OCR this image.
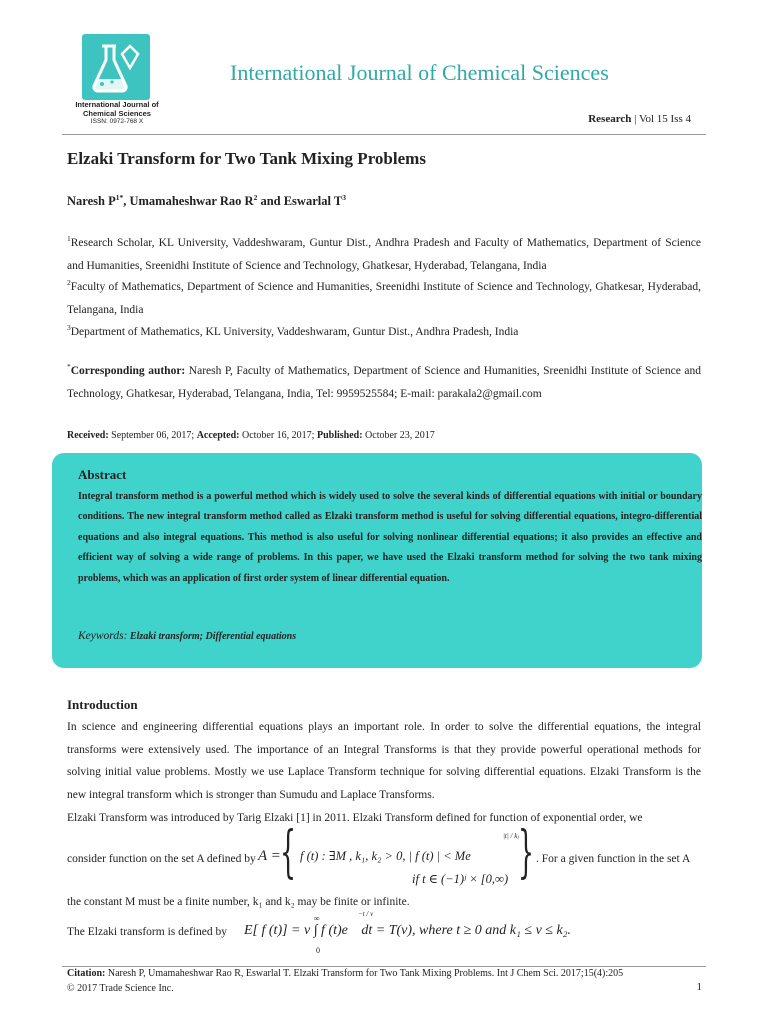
International Journal of
Chemical Sciences
ISSN: 0972-768 X
International Journal of Chemical Sciences
Research | Vol 15 Iss 4
Elzaki Transform for Two Tank Mixing Problems
Naresh $P^{1*}$, Umamaheshwar Rao $R^2$ and Eswarlal $T^3$
$^1$Research Scholar, KL University, Vaddeshwaram, Guntur Dist., Andhra Pradesh and Faculty of Mathematics, Department of Science and Humanities, Sreenidhi Institute of Science and Technology, Ghatkesar, Hyderabad, Telangana, India
$^2$Faculty of Mathematics, Department of Science and Humanities, Sreenidhi Institute of Science and Technology, Ghatkesar, Hyderabad, Telangana, India
$^3$Department of Mathematics, KL University, Vaddeshwaram, Guntur Dist., Andhra Pradesh, India
*Corresponding author: Naresh P, Faculty of Mathematics, Department of Science and Humanities, Sreenidhi Institute of Science and Technology, Ghatkesar, Hyderabad, Telangana, India, Tel: 9959525584; E-mail: parakala2@gmail.com
Received: September 06, 2017; Accepted: October 16, 2017; Published: October 23, 2017
Abstract
Integral transform method is a powerful method which is widely used to solve the several kinds of differential equations with initial or boundary conditions. The new integral transform method called as Elzaki transform method is useful for solving differential equations, integro-differential equations and also integral equations. This method is also useful for solving nonlinear differential equations; it also provides an effective and efficient way of solving a wide range of problems. In this paper, we have used the Elzaki transform method for solving the two tank mixing problems, which was an application of first order system of linear differential equation.
Keywords: Elzaki transform; Differential equations
Introduction
In science and engineering differential equations plays an important role. In order to solve the differential equations, the integral transforms were extensively used. The importance of an Integral Transforms is that they provide powerful operational methods for solving initial value problems. Mostly we use Laplace Transform technique for solving differential equations. Elzaki Transform is the new integral transform which is stronger than Sumudu and Laplace Transforms.
Elzaki Transform was introduced by Tarig Elzaki [1] in 2011. Elzaki Transform defined for function of exponential order, we
consider function on the set A defined by A = { f (t) : ∃M , k₁, k₂ > 0, | f (t) | < Me
|t| / kⱼ
if t ∈ (−1)ʲ × [0,∞) } . For a given function in the set A
the constant M must be a finite number, k₁ and k₂ may be finite or infinite.
The Elzaki transform is defined by
∞	−t / v
E[ f (t)] = v ∫ f (t)e dt = T(v), where t ≥ 0 and k₁ ≤ v ≤ k₂.
0
Citation: Naresh P, Umamaheshwar Rao R, Eswarlal T. Elzaki Transform for Two Tank Mixing Problems. Int J Chem Sci. 2017;15(4):205
© 2017 Trade Science Inc.	1
